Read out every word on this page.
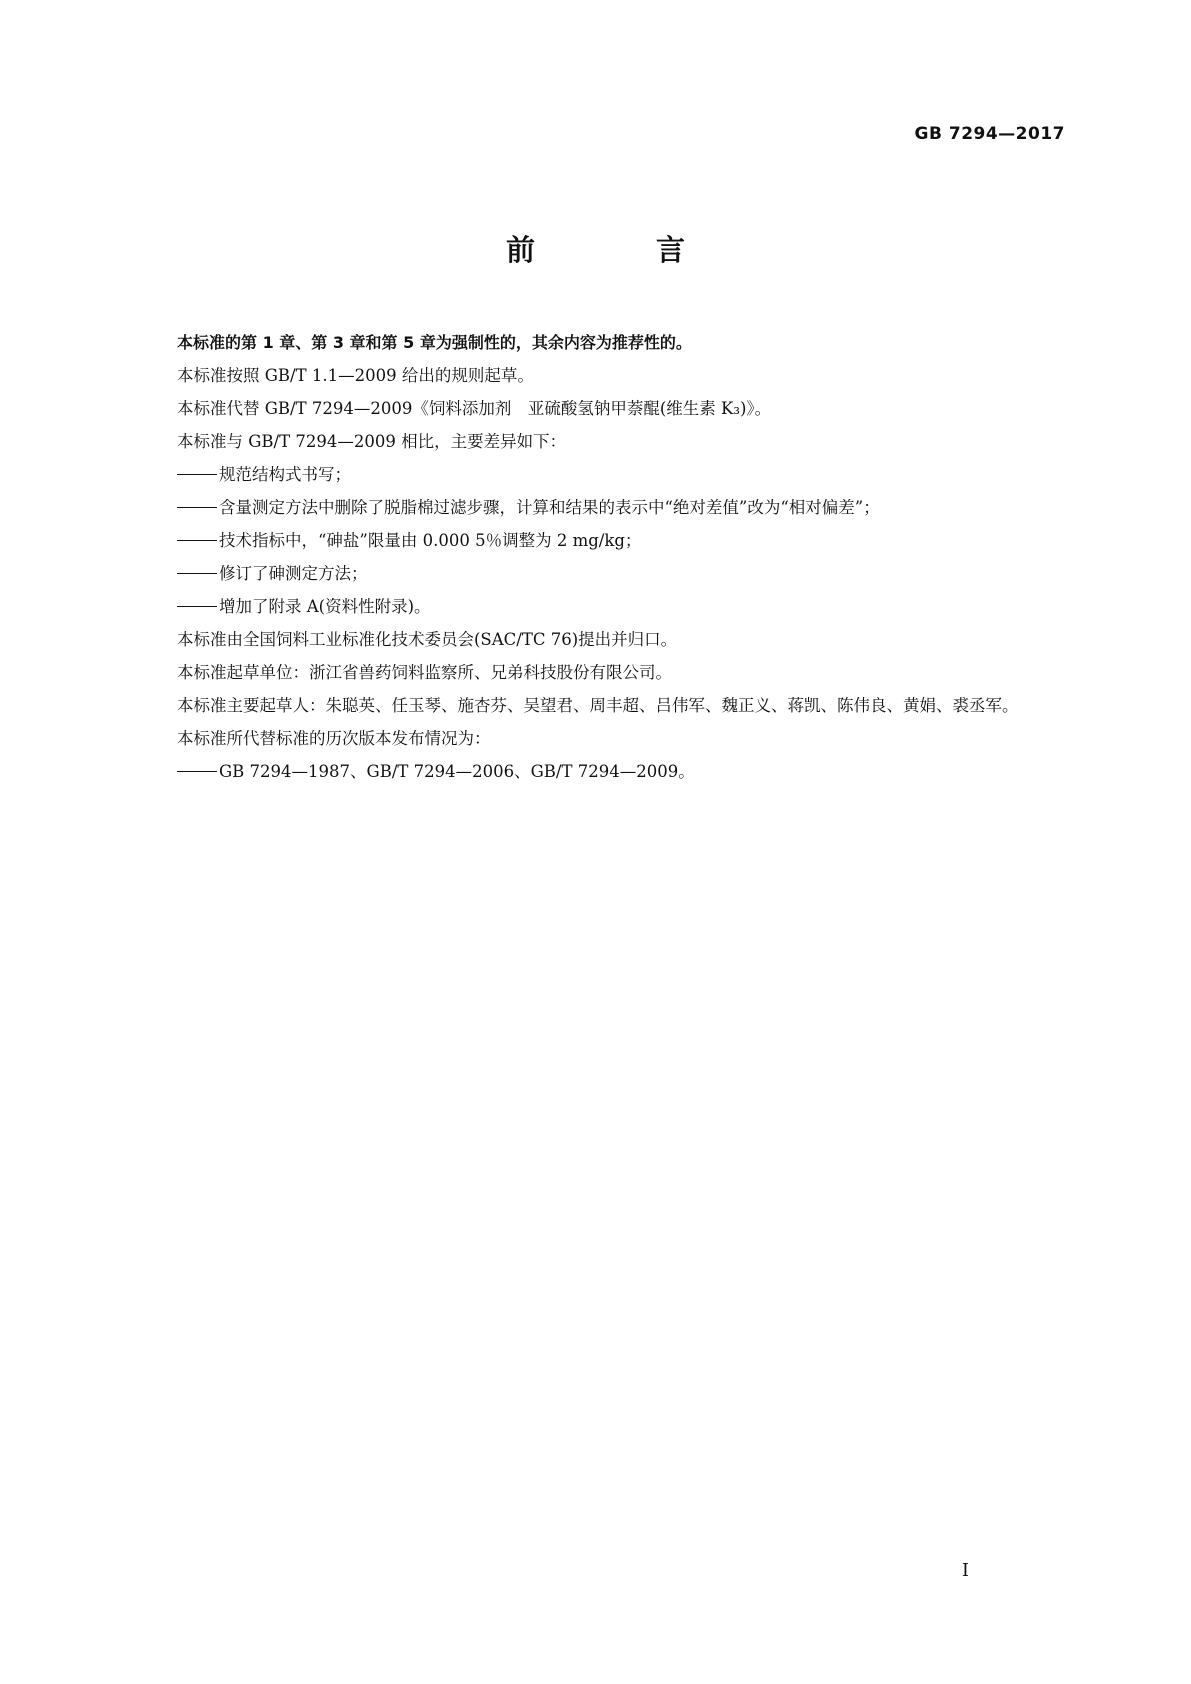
GB 7294—2017
前　言

本标准的第 1 章、第 3 章和第 5 章为强制性的，其余内容为推荐性的。

本标准按照 GB/T 1.1—2009 给出的规则起草。

本标准代替 GB/T 7294—2009《饲料添加剂　亚硫酸氢钠甲萘醌(维生素 K₃)》。

本标准与 GB/T 7294—2009 相比，主要差异如下：

规范结构式书写；

含量测定方法中删除了脱脂棉过滤步骤，计算和结果的表示中“绝对差值”改为“相对偏差”；

技术指标中，“砷盐”限量由 0.000 5％调整为 2 mg/kg；

修订了砷测定方法；

增加了附录 A(资料性附录)。

本标准由全国饲料工业标准化技术委员会(SAC/TC 76)提出并归口。

本标准起草单位：浙江省兽药饲料监察所、兄弟科技股份有限公司。

本标准主要起草人：朱聪英、任玉琴、施杏芬、吴望君、周丰超、吕伟军、魏正义、蒋凯、陈伟良、黄娟、裘丞军。

本标准所代替标准的历次版本发布情况为：

GB 7294—1987、GB/T 7294—2006、GB/T 7294—2009。

I
